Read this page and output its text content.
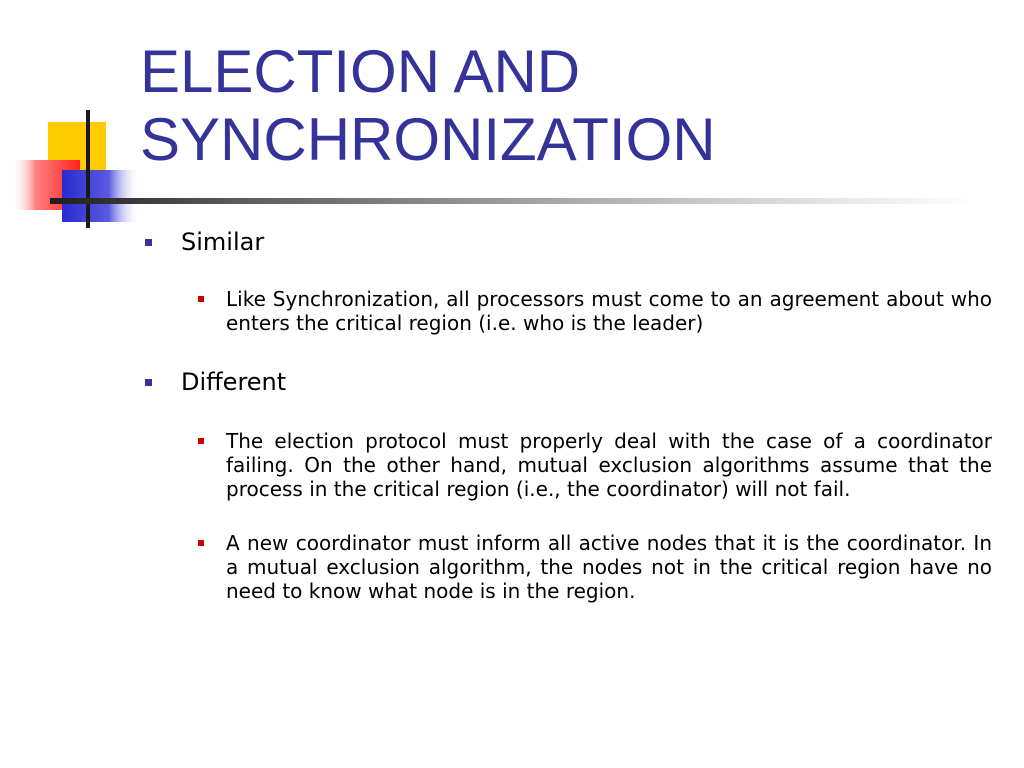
ELECTION AND
SYNCHRONIZATION
Similar
Like Synchronization, all processors must come to an agreement about who enters the critical region (i.e. who is the leader)
Different
The election protocol must properly deal with the case of a coordinator failing. On the other hand, mutual exclusion algorithms assume that the process in the critical region (i.e., the coordinator) will not fail.
A new coordinator must inform all active nodes that it is the coordinator. In a mutual exclusion algorithm, the nodes not in the critical region have no need to know what node is in the region.
